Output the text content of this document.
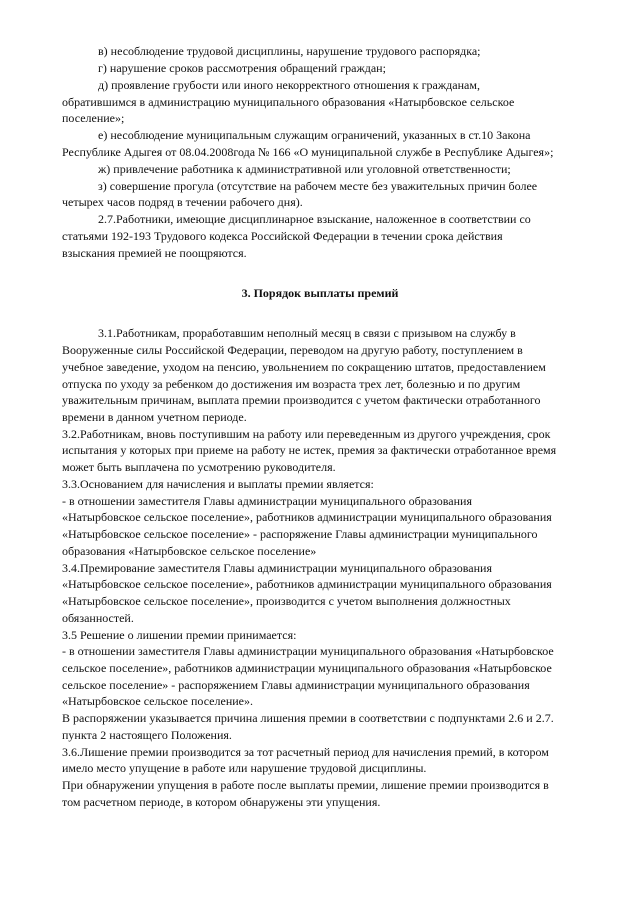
в) несоблюдение трудовой дисциплины, нарушение трудового распорядка;
г) нарушение сроков рассмотрения обращений граждан;
д) проявление грубости или иного некорректного отношения к гражданам,
обратившимся в администрацию муниципального образования «Натырбовское сельское
поселение»;
е) несоблюдение муниципальным служащим ограничений, указанных в ст.10 Закона
Республике Адыгея от 08.04.2008года № 166 «О муниципальной службе в Республике Адыгея»;
ж) привлечение работника к административной или уголовной ответственности;
з) совершение прогула (отсутствие на рабочем месте без уважительных причин более
четырех часов подряд в течении рабочего дня).
2.7.Работники, имеющие дисциплинарное взыскание, наложенное в соответствии со
статьями 192-193 Трудового кодекса Российской Федерации в течении срока действия
взыскания премией не поощряются.
3. Порядок выплаты премий
3.1.Работникам, проработавшим неполный месяц в связи с призывом на службу в
Вооруженные силы Российской Федерации, переводом на другую работу, поступлением в
учебное заведение, уходом на пенсию, увольнением по сокращению штатов, предоставлением
отпуска по уходу за ребенком до достижения им возраста трех лет, болезнью и по другим
уважительным причинам, выплата премии производится с учетом фактически отработанного
времени в данном учетном периоде.
3.2.Работникам, вновь поступившим на работу или переведенным из другого учреждения, срок
испытания у которых при приеме на работу не истек, премия за фактически отработанное время
может быть выплачена по усмотрению руководителя.
3.3.Основанием для начисления и выплаты премии является:
- в отношении заместителя Главы администрации муниципального образования
«Натырбовское сельское поселение», работников администрации муниципального образования
«Натырбовское сельское поселение» - распоряжение Главы администрации муниципального
образования «Натырбовское сельское поселение»
3.4.Премирование заместителя Главы администрации муниципального образования
«Натырбовское сельское поселение», работников администрации муниципального образования
«Натырбовское сельское поселение», производится с учетом выполнения должностных
обязанностей.
3.5 Решение о лишении премии принимается:
- в отношении заместителя Главы администрации муниципального образования «Натырбовское
сельское поселение», работников администрации муниципального образования «Натырбовское
сельское поселение» - распоряжением Главы администрации муниципального образования
«Натырбовское сельское поселение».
В распоряжении указывается причина лишения премии в соответствии с подпунктами 2.6 и 2.7.
пункта 2 настоящего Положения.
3.6.Лишение премии производится за тот расчетный период для начисления премий, в котором
имело место упущение в работе или нарушение трудовой дисциплины.
При обнаружении упущения в работе после выплаты премии, лишение премии производится в
том расчетном периоде, в котором обнаружены эти упущения.
